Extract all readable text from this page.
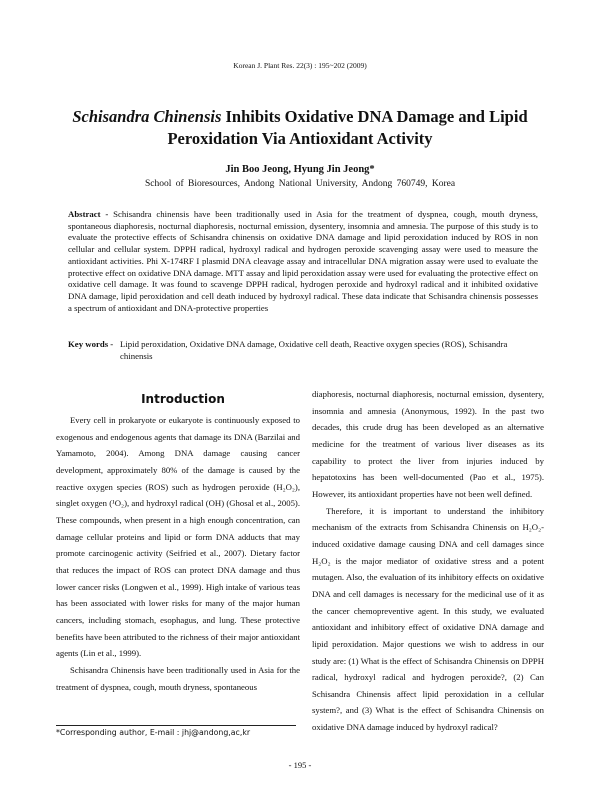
Korean J. Plant Res. 22(3) : 195~202 (2009)
Schisandra Chinensis Inhibits Oxidative DNA Damage and Lipid Peroxidation Via Antioxidant Activity
Jin Boo Jeong, Hyung Jin Jeong*
School of Bioresources, Andong National University, Andong 760749, Korea
Abstract - Schisandra chinensis have been traditionally used in Asia for the treatment of dyspnea, cough, mouth dryness, spontaneous diaphoresis, nocturnal diaphoresis, nocturnal emission, dysentery, insomnia and amnesia. The purpose of this study is to evaluate the protective effects of Schisandra chinensis on oxidative DNA damage and lipid peroxidation induced by ROS in non cellular and cellular system. DPPH radical, hydroxyl radical and hydrogen peroxide scavenging assay were used to measure the antioxidant activities. Phi X-174RF I plasmid DNA cleavage assay and intracellular DNA migration assay were used to evaluate the protective effect on oxidative DNA damage. MTT assay and lipid peroxidation assay were used for evaluating the protective effect on oxidative cell damage. It was found to scavenge DPPH radical, hydrogen peroxide and hydroxyl radical and it inhibited oxidative DNA damage, lipid peroxidation and cell death induced by hydroxyl radical. These data indicate that Schisandra chinensis possesses a spectrum of antioxidant and DNA-protective properties
Key words - Lipid peroxidation, Oxidative DNA damage, Oxidative cell death, Reactive oxygen species (ROS), Schisandra chinensis
Introduction

Every cell in prokaryote or eukaryote is continuously exposed to exogenous and endogenous agents that damage its DNA (Barzilai and Yamamoto, 2004). Among DNA damage causing cancer development, approximately 80% of the damage is caused by the reactive oxygen species (ROS) such as hydrogen peroxide (H₂O₂), singlet oxygen (¹O₂), and hydroxyl radical (OH) (Ghosal et al., 2005). These compounds, when present in a high enough concentration, can damage cellular proteins and lipid or form DNA adducts that may promote carcinogenic activity (Seifried et al., 2007). Dietary factor that reduces the impact of ROS can protect DNA damage and thus lower cancer risks (Longwen et al., 1999). High intake of various teas has been associated with lower risks for many of the major human cancers, including stomach, esophagus, and lung. These protective benefits have been attributed to the richness of their major antioxidant agents (Lin et al., 1999).

Schisandra Chinensis have been traditionally used in Asia for the treatment of dyspnea, cough, mouth dryness, spontaneous

diaphoresis, nocturnal diaphoresis, nocturnal emission, dysentery, insomnia and amnesia (Anonymous, 1992). In the past two decades, this crude drug has been developed as an alternative medicine for the treatment of various liver diseases as its capability to protect the liver from injuries induced by hepatotoxins has been well-documented (Pao et al., 1975). However, its antioxidant properties have not been well defined.

Therefore, it is important to understand the inhibitory mechanism of the extracts from Schisandra Chinensis on H₂O₂-induced oxidative damage causing DNA and cell damages since H₂O₂ is the major mediator of oxidative stress and a potent mutagen. Also, the evaluation of its inhibitory effects on oxidative DNA and cell damages is necessary for the medicinal use of it as the cancer chemopreventive agent. In this study, we evaluated antioxidant and inhibitory effect of oxidative DNA damage and lipid peroxidation. Major questions we wish to address in our study are: (1) What is the effect of Schisandra Chinensis on DPPH radical, hydroxyl radical and hydrogen peroxide?, (2) Can Schisandra Chinensis affect lipid peroxidation in a cellular system?, and (3) What is the effect of Schisandra Chinensis on oxidative DNA damage induced by hydroxyl radical?

*Corresponding author, E-mail : jhj@andong,ac,kr
- 195 -
